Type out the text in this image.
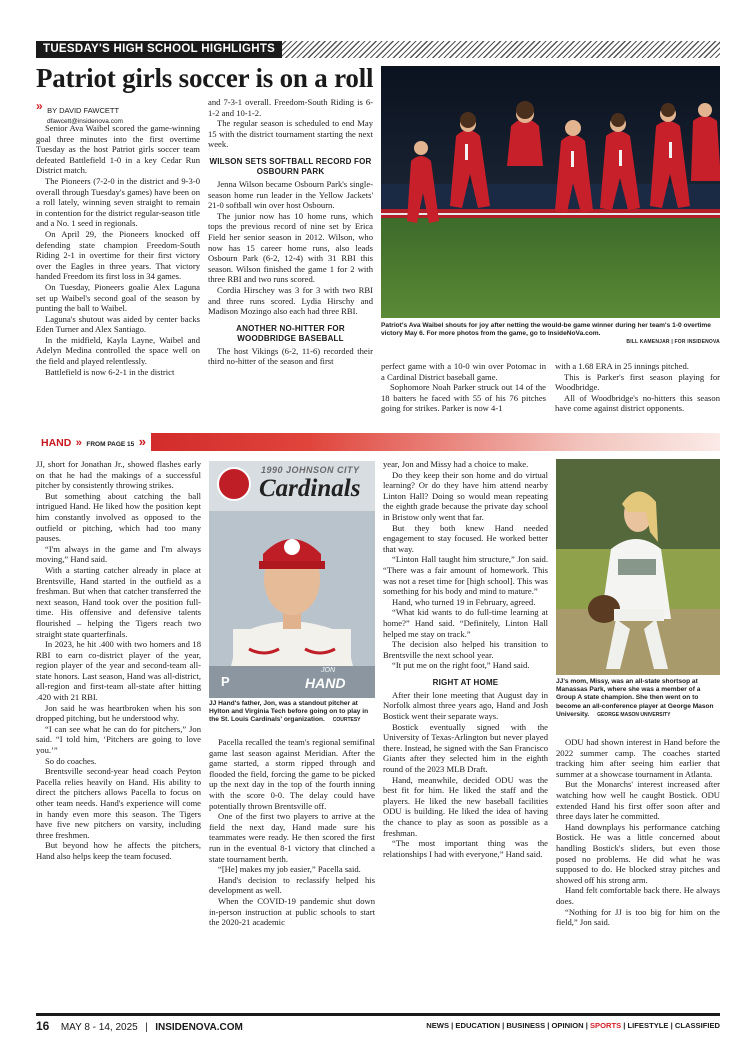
TUESDAY'S HIGH SCHOOL HIGHLIGHTS
Patriot girls soccer is on a roll
» BY DAVID FAWCETT
dfawcett@insidenova.com

Senior Ava Waibel scored the game-winning goal three minutes into the first overtime Tuesday as the host Patriot girls soccer team defeated Battlefield 1-0 in a key Cedar Run District match.

The Pioneers (7-2-0 in the district and 9-3-0 overall through Tuesday's games) have been on a roll lately, winning seven straight to remain in contention for the district regular-season title and a No. 1 seed in regionals.

On April 29, the Pioneers knocked off defending state champion Freedom-South Riding 2-1 in overtime for their first victory over the Eagles in three years. That victory handed Freedom its first loss in 34 games.

On Tuesday, Pioneers goalie Alex Laguna set up Waibel's second goal of the season by punting the ball to Waibel.

Laguna's shutout was aided by center backs Eden Turner and Alex Santiago.

In the midfield, Kayla Layne, Waibel and Adelyn Medina controlled the space well on the field and played relentlessly.

Battlefield is now 6-2-1 in the district

and 7-3-1 overall. Freedom-South Riding is 6-1-2 and 10-1-2.

The regular season is scheduled to end May 15 with the district tournament starting the next week.

WILSON SETS SOFTBALL RECORD FOR OSBOURN PARK

Jenna Wilson became Osbourn Park's single-season home run leader in the Yellow Jackets' 21-0 softball win over host Osbourn.

The junior now has 10 home runs, which tops the previous record of nine set by Erica Field her senior season in 2012. Wilson, who now has 15 career home runs, also leads Osbourn Park (6-2, 12-4) with 31 RBI this season. Wilson finished the game 1 for 2 with three RBI and two runs scored.

Cordia Hirschey was 3 for 3 with two RBI and three runs scored. Lydia Hirschy and Madison Mozingo also each had three RBI.

ANOTHER NO-HITTER FOR WOODBRIDGE BASEBALL

The host Vikings (6-2, 11-6) recorded their third no-hitter of the season and first

Patriot's Ava Waibel shouts for joy after netting the would-be game winner during her team's 1-0 overtime victory May 6. For more photos from the game, go to InsideNoVa.com.
BILL KAMENJAR | FOR INSIDENOVA

perfect game with a 10-0 win over Potomac in a Cardinal District baseball game.

Sophomore Noah Parker struck out 14 of the 18 batters he faced with 55 of his 76 pitches going for strikes. Parker is now 4-1

with a 1.68 ERA in 25 innings pitched.

This is Parker's first season playing for Woodbridge.

All of Woodbridge's no-hitters this season have come against district opponents.

HAND » FROM PAGE 15 »

JJ, short for Jonathan Jr., showed flashes early on that he had the makings of a successful pitcher by consistently throwing strikes.

But something about catching the ball intrigued Hand. He liked how the position kept him constantly involved as opposed to the outfield or pitching, which had too many pauses.

“I'm always in the game and I'm always moving,” Hand said.

With a starting catcher already in place at Brentsville, Hand started in the outfield as a freshman. But when that catcher transferred the next season, Hand took over the position full-time. His offensive and defensive talents flourished – helping the Tigers reach two straight state quarterfinals.

In 2023, he hit .400 with two homers and 18 RBI to earn co-district player of the year, region player of the year and second-team all-state honors. Last season, Hand was all-district, all-region and first-team all-state after hitting .420 with 21 RBI.

Jon said he was heartbroken when his son dropped pitching, but he understood why.

“I can see what he can do for pitchers,” Jon said. “I told him, ‘Pitchers are going to love you.’”

So do coaches.

Brentsville second-year head coach Peyton Pacella relies heavily on Hand. His ability to direct the pitchers allows Pacella to focus on other team needs. Hand's experience will come in handy even more this season. The Tigers have five new pitchers on varsity, including three freshmen.

But beyond how he affects the pitchers, Hand also helps keep the team focused.

1990 JOHNSON CITY
Cardinals
P
JON
HAND
JJ Hand's father, Jon, was a standout pitcher at Hylton and Virginia Tech before going on to play in the St. Louis Cardinals' organization. COURTESY

Pacella recalled the team's regional semifinal game last season against Meridian. After the game started, a storm ripped through and flooded the field, forcing the game to be picked up the next day in the top of the fourth inning with the score 0-0. The delay could have potentially thrown Brentsville off.

One of the first two players to arrive at the field the next day, Hand made sure his teammates were ready. He then scored the first run in the eventual 8-1 victory that clinched a state tournament berth.

“[He] makes my job easier,” Pacella said.

Hand's decision to reclassify helped his development as well.

When the COVID-19 pandemic shut down in-person instruction at public schools to start the 2020-21 academic

year, Jon and Missy had a choice to make.

Do they keep their son home and do virtual learning? Or do they have him attend nearby Linton Hall? Doing so would mean repeating the eighth grade because the private day school in Bristow only went that far.

But they both knew Hand needed engagement to stay focused. He worked better that way.

“Linton Hall taught him structure,” Jon said. “There was a fair amount of homework. This was not a reset time for [high school]. This was something for his body and mind to mature.”

Hand, who turned 19 in February, agreed.

“What kid wants to do full-time learning at home?” Hand said. “Definitely, Linton Hall helped me stay on track.”

The decision also helped his transition to Brentsville the next school year.

“It put me on the right foot,” Hand said.

RIGHT AT HOME

After their lone meeting that August day in Norfolk almost three years ago, Hand and Josh Bostick went their separate ways.

Bostick eventually signed with the University of Texas-Arlington but never played there. Instead, he signed with the San Francisco Giants after they selected him in the eighth round of the 2023 MLB Draft.

Hand, meanwhile, decided ODU was the best fit for him. He liked the staff and the players. He liked the new baseball facilities ODU is building. He liked the idea of having the chance to play as soon as possible as a freshman.

“The most important thing was the relationships I had with everyone,” Hand said.

JJ's mom, Missy, was an all-state shortsop at Manassas Park, where she was a member of a Group A state champion. She then went on to become an all-conference player at George Mason University. GEORGE MASON UNIVERSITY

ODU had shown interest in Hand before the 2022 summer camp. The coaches started tracking him after seeing him earlier that summer at a showcase tournament in Atlanta.

But the Monarchs' interest increased after watching how well he caught Bostick. ODU extended Hand his first offer soon after and three days later he committed.

Hand downplays his performance catching Bostick. He was a little concerned about handling Bostick's sliders, but even those posed no problems. He did what he was supposed to do. He blocked stray pitches and showed off his strong arm.

Hand felt comfortable back there. He always does.

“Nothing for JJ is too big for him on the field,” Jon said.

16 MAY 8 - 14, 2025 | INSIDENOVA.COM	NEWS | EDUCATION | BUSINESS | OPINION | SPORTS | LIFESTYLE | CLASSIFIED
